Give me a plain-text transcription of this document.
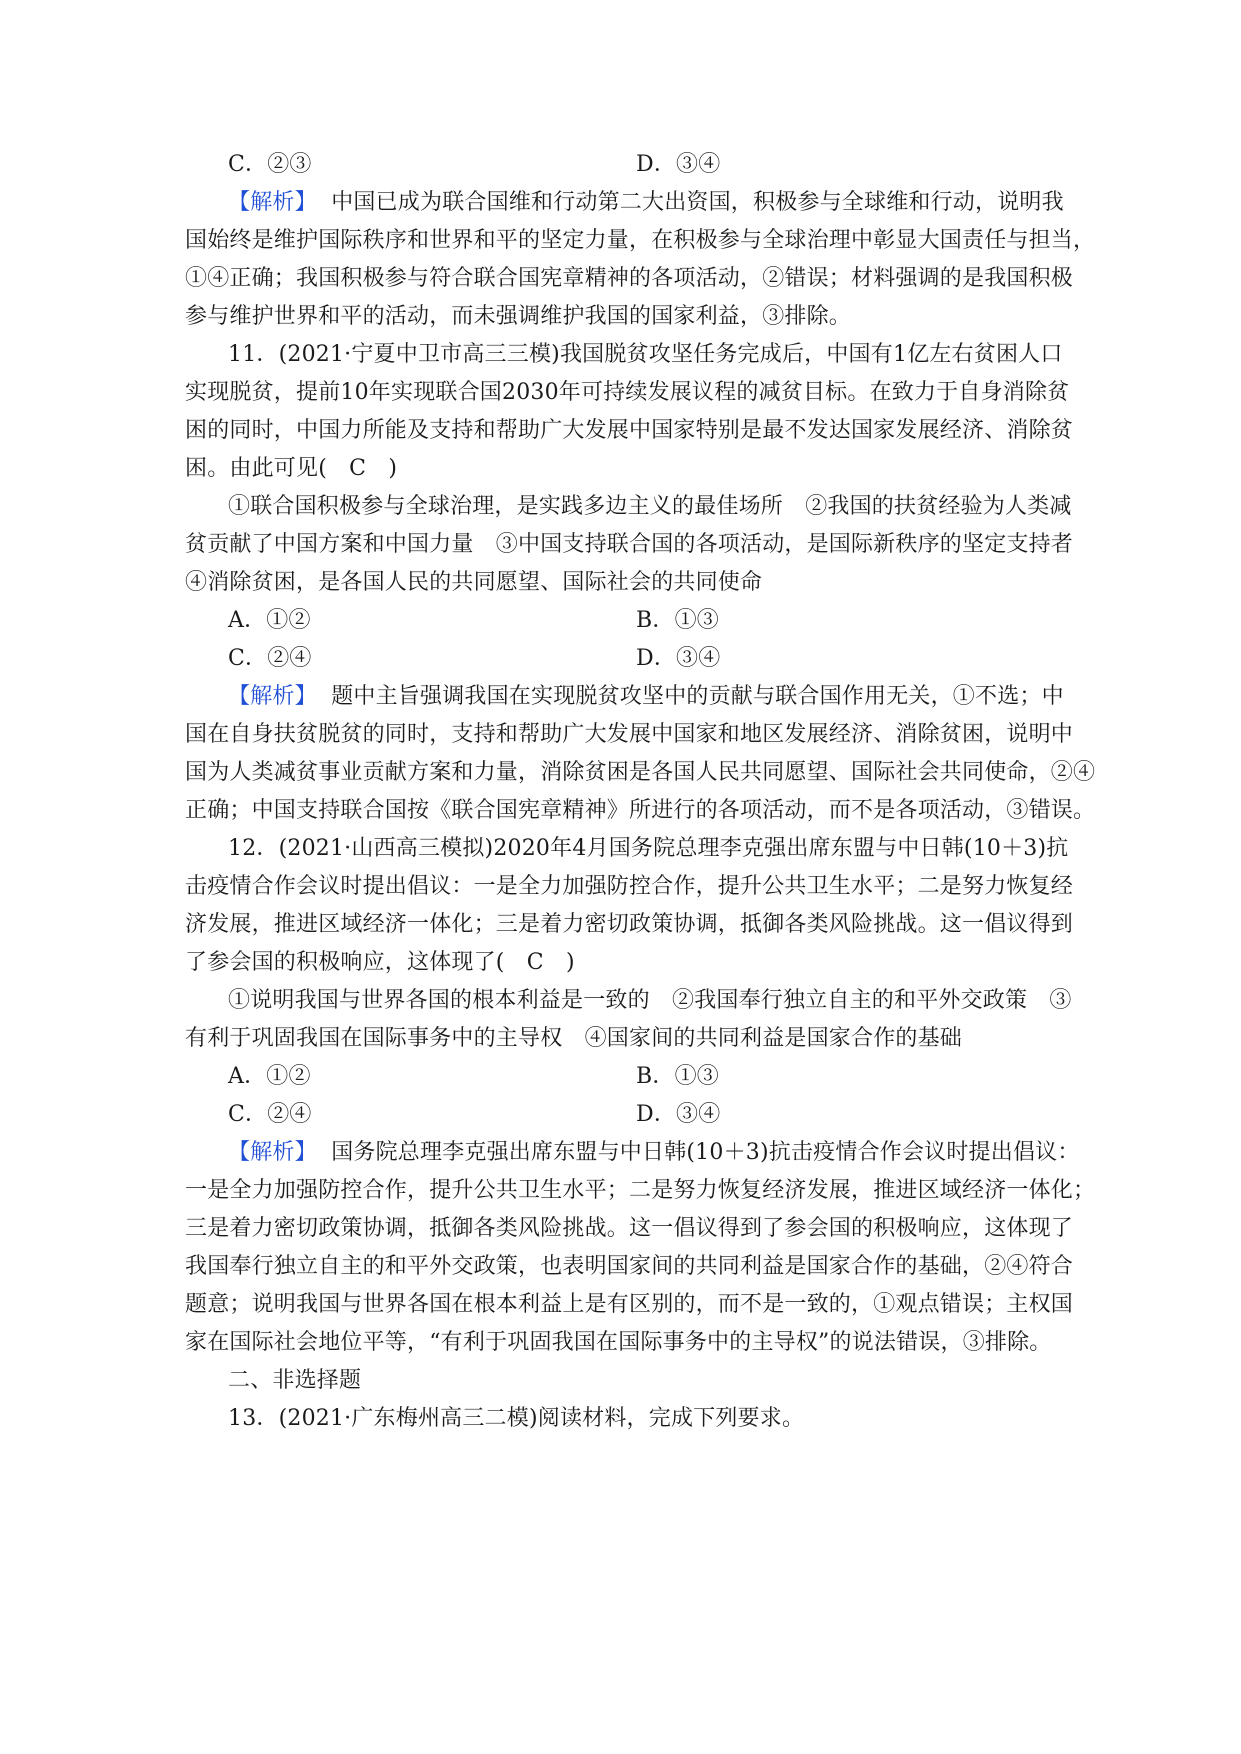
C．②③	D．③④
【解析】 中国已成为联合国维和行动第二大出资国，积极参与全球维和行动，说明我
国始终是维护国际秩序和世界和平的坚定力量，在积极参与全球治理中彰显大国责任与担当，
①④正确；我国积极参与符合联合国宪章精神的各项活动，②错误；材料强调的是我国积极
参与维护世界和平的活动，而未强调维护我国的国家利益，③排除。
11．(2021·宁夏中卫市高三三模)我国脱贫攻坚任务完成后，中国有1亿左右贫困人口
实现脱贫，提前10年实现联合国2030年可持续发展议程的减贫目标。在致力于自身消除贫
困的同时，中国力所能及支持和帮助广大发展中国家特别是最不发达国家发展经济、消除贫
困。由此可见(　C　)
①联合国积极参与全球治理，是实践多边主义的最佳场所　②我国的扶贫经验为人类减
贫贡献了中国方案和中国力量　③中国支持联合国的各项活动，是国际新秩序的坚定支持者
④消除贫困，是各国人民的共同愿望、国际社会的共同使命
A．①②	B．①③
C．②④	D．③④
【解析】 题中主旨强调我国在实现脱贫攻坚中的贡献与联合国作用无关，①不选；中
国在自身扶贫脱贫的同时，支持和帮助广大发展中国家和地区发展经济、消除贫困，说明中
国为人类减贫事业贡献方案和力量，消除贫困是各国人民共同愿望、国际社会共同使命，②④
正确；中国支持联合国按《联合国宪章精神》所进行的各项活动，而不是各项活动，③错误。
12．(2021·山西高三模拟)2020年4月国务院总理李克强出席东盟与中日韩(10＋3)抗
击疫情合作会议时提出倡议：一是全力加强防控合作，提升公共卫生水平；二是努力恢复经
济发展，推进区域经济一体化；三是着力密切政策协调，抵御各类风险挑战。这一倡议得到
了参会国的积极响应，这体现了(　C　)
①说明我国与世界各国的根本利益是一致的　②我国奉行独立自主的和平外交政策　③
有利于巩固我国在国际事务中的主导权　④国家间的共同利益是国家合作的基础
A．①②	B．①③
C．②④	D．③④
【解析】 国务院总理李克强出席东盟与中日韩(10＋3)抗击疫情合作会议时提出倡议：
一是全力加强防控合作，提升公共卫生水平；二是努力恢复经济发展，推进区域经济一体化；
三是着力密切政策协调，抵御各类风险挑战。这一倡议得到了参会国的积极响应，这体现了
我国奉行独立自主的和平外交政策，也表明国家间的共同利益是国家合作的基础，②④符合
题意；说明我国与世界各国在根本利益上是有区别的，而不是一致的，①观点错误；主权国
家在国际社会地位平等，“有利于巩固我国在国际事务中的主导权”的说法错误，③排除。
二、非选择题
13．(2021·广东梅州高三二模)阅读材料，完成下列要求。
